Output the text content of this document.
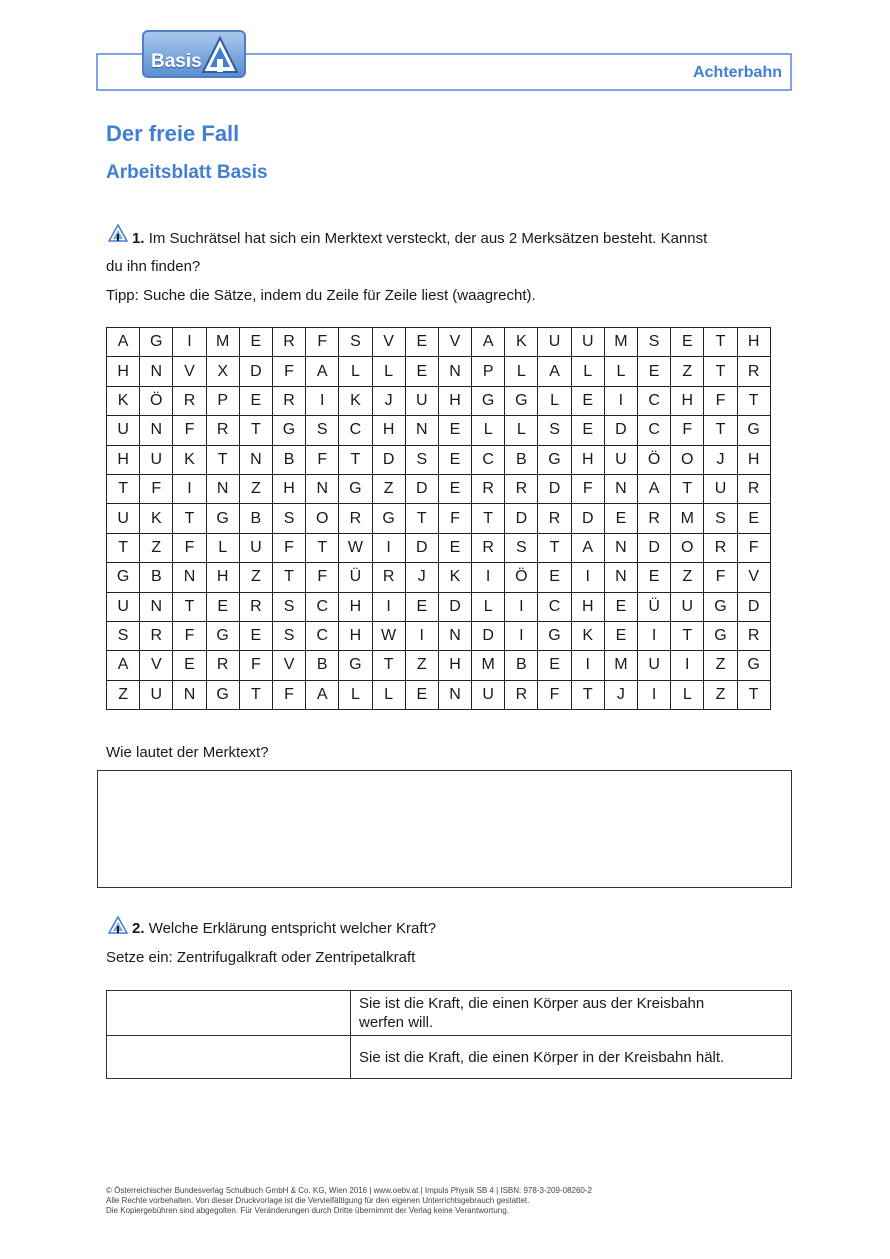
Achterbahn
Basis
Der freie Fall
Arbeitsblatt Basis

1. Im Suchrätsel hat sich ein Merktext versteckt, der aus 2 Merksätzen besteht. Kannst
du ihn finden?

Tipp: Suche die Sätze, indem du Zeile für Zeile liest (waagrecht).
A	G	I	M	E	R	F	S	V	E	V	A	K	U	U	M	S	E	T	H
H	N	V	X	D	F	A	L	L	E	N	P	L	A	L	L	E	Z	T	R
K	Ö	R	P	E	R	I	K	J	U	H	G	G	L	E	I	C	H	F	T
U	N	F	R	T	G	S	C	H	N	E	L	L	S	E	D	C	F	T	G
H	U	K	T	N	B	F	T	D	S	E	C	B	G	H	U	Ö	O	J	H
T	F	I	N	Z	H	N	G	Z	D	E	R	R	D	F	N	A	T	U	R
U	K	T	G	B	S	O	R	G	T	F	T	D	R	D	E	R	M	S	E
T	Z	F	L	U	F	T	W	I	D	E	R	S	T	A	N	D	O	R	F
G	B	N	H	Z	T	F	Ü	R	J	K	I	Ö	E	I	N	E	Z	F	V
U	N	T	E	R	S	C	H	I	E	D	L	I	C	H	E	Ü	U	G	D
S	R	F	G	E	S	C	H	W	I	N	D	I	G	K	E	I	T	G	R
A	V	E	R	F	V	B	G	T	Z	H	M	B	E	I	M	U	I	Z	G
Z	U	N	G	T	F	A	L	L	E	N	U	R	F	T	J	I	L	Z	T
Wie lautet der Merktext?

2. Welche Erklärung entspricht welcher Kraft?

Setze ein: Zentrifugalkraft oder Zentripetalkraft
	Sie ist die Kraft, die einen Körper aus der Kreisbahn
werfen will.
	Sie ist die Kraft, die einen Körper in der Kreisbahn hält.
© Österreichischer Bundesverlag Schulbuch GmbH & Co. KG, Wien 2016 | www.oebv.at | Impuls Physik SB 4 | ISBN: 978-3-209-08260-2
Alle Rechte vorbehalten. Von dieser Druckvorlage ist die Vervielfältigung für den eigenen Unterrichtsgebrauch gestattet.
Die Kopiergebühren sind abgegolten. Für Veränderungen durch Dritte übernimmt der Verlag keine Verantwortung.
